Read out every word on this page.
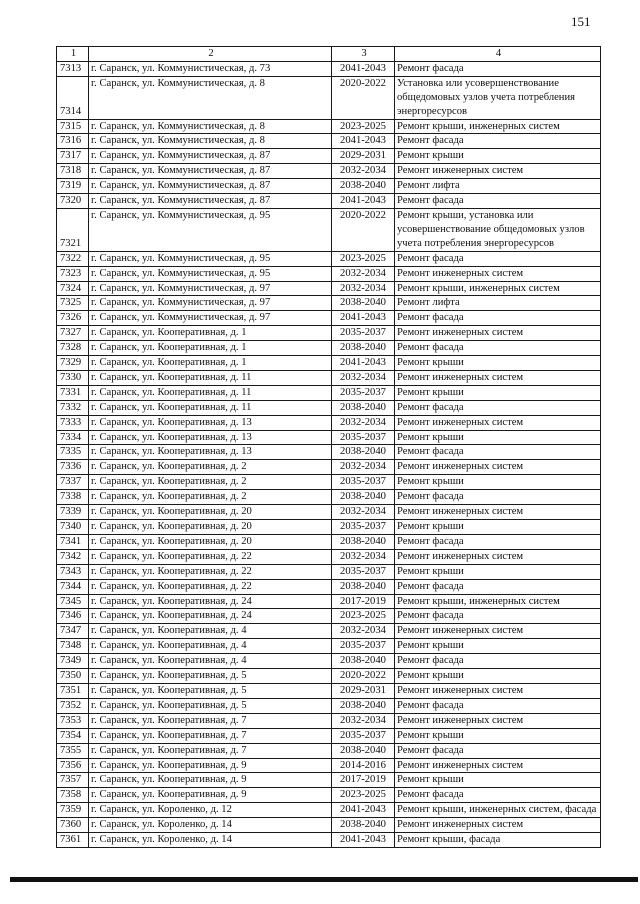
151
1	2	3	4
7313	г. Саранск, ул. Коммунистическая, д. 73	2041-2043	Ремонт фасада
7314	г. Саранск, ул. Коммунистическая, д. 8	2020-2022	Установка или усовершенствование общедомовых узлов учета потребления энергоресурсов
7315	г. Саранск, ул. Коммунистическая, д. 8	2023-2025	Ремонт крыши, инженерных систем
7316	г. Саранск, ул. Коммунистическая, д. 8	2041-2043	Ремонт фасада
7317	г. Саранск, ул. Коммунистическая, д. 87	2029-2031	Ремонт крыши
7318	г. Саранск, ул. Коммунистическая, д. 87	2032-2034	Ремонт инженерных систем
7319	г. Саранск, ул. Коммунистическая, д. 87	2038-2040	Ремонт лифта
7320	г. Саранск, ул. Коммунистическая, д. 87	2041-2043	Ремонт фасада
7321	г. Саранск, ул. Коммунистическая, д. 95	2020-2022	Ремонт крыши, установка или усовершенствование общедомовых узлов учета потребления энергоресурсов
7322	г. Саранск, ул. Коммунистическая, д. 95	2023-2025	Ремонт фасада
7323	г. Саранск, ул. Коммунистическая, д. 95	2032-2034	Ремонт инженерных систем
7324	г. Саранск, ул. Коммунистическая, д. 97	2032-2034	Ремонт крыши, инженерных систем
7325	г. Саранск, ул. Коммунистическая, д. 97	2038-2040	Ремонт лифта
7326	г. Саранск, ул. Коммунистическая, д. 97	2041-2043	Ремонт фасада
7327	г. Саранск, ул. Кооперативная, д. 1	2035-2037	Ремонт инженерных систем
7328	г. Саранск, ул. Кооперативная, д. 1	2038-2040	Ремонт фасада
7329	г. Саранск, ул. Кооперативная, д. 1	2041-2043	Ремонт крыши
7330	г. Саранск, ул. Кооперативная, д. 11	2032-2034	Ремонт инженерных систем
7331	г. Саранск, ул. Кооперативная, д. 11	2035-2037	Ремонт крыши
7332	г. Саранск, ул. Кооперативная, д. 11	2038-2040	Ремонт фасада
7333	г. Саранск, ул. Кооперативная, д. 13	2032-2034	Ремонт инженерных систем
7334	г. Саранск, ул. Кооперативная, д. 13	2035-2037	Ремонт крыши
7335	г. Саранск, ул. Кооперативная, д. 13	2038-2040	Ремонт фасада
7336	г. Саранск, ул. Кооперативная, д. 2	2032-2034	Ремонт инженерных систем
7337	г. Саранск, ул. Кооперативная, д. 2	2035-2037	Ремонт крыши
7338	г. Саранск, ул. Кооперативная, д. 2	2038-2040	Ремонт фасада
7339	г. Саранск, ул. Кооперативная, д. 20	2032-2034	Ремонт инженерных систем
7340	г. Саранск, ул. Кооперативная, д. 20	2035-2037	Ремонт крыши
7341	г. Саранск, ул. Кооперативная, д. 20	2038-2040	Ремонт фасада
7342	г. Саранск, ул. Кооперативная, д. 22	2032-2034	Ремонт инженерных систем
7343	г. Саранск, ул. Кооперативная, д. 22	2035-2037	Ремонт крыши
7344	г. Саранск, ул. Кооперативная, д. 22	2038-2040	Ремонт фасада
7345	г. Саранск, ул. Кооперативная, д. 24	2017-2019	Ремонт крыши, инженерных систем
7346	г. Саранск, ул. Кооперативная, д. 24	2023-2025	Ремонт фасада
7347	г. Саранск, ул. Кооперативная, д. 4	2032-2034	Ремонт инженерных систем
7348	г. Саранск, ул. Кооперативная, д. 4	2035-2037	Ремонт крыши
7349	г. Саранск, ул. Кооперативная, д. 4	2038-2040	Ремонт фасада
7350	г. Саранск, ул. Кооперативная, д. 5	2020-2022	Ремонт крыши
7351	г. Саранск, ул. Кооперативная, д. 5	2029-2031	Ремонт инженерных систем
7352	г. Саранск, ул. Кооперативная, д. 5	2038-2040	Ремонт фасада
7353	г. Саранск, ул. Кооперативная, д. 7	2032-2034	Ремонт инженерных систем
7354	г. Саранск, ул. Кооперативная, д. 7	2035-2037	Ремонт крыши
7355	г. Саранск, ул. Кооперативная, д. 7	2038-2040	Ремонт фасада
7356	г. Саранск, ул. Кооперативная, д. 9	2014-2016	Ремонт инженерных систем
7357	г. Саранск, ул. Кооперативная, д. 9	2017-2019	Ремонт крыши
7358	г. Саранск, ул. Кооперативная, д. 9	2023-2025	Ремонт фасада
7359	г. Саранск, ул. Короленко, д. 12	2041-2043	Ремонт крыши, инженерных систем, фасада
7360	г. Саранск, ул. Короленко, д. 14	2038-2040	Ремонт инженерных систем
7361	г. Саранск, ул. Короленко, д. 14	2041-2043	Ремонт крыши, фасада
